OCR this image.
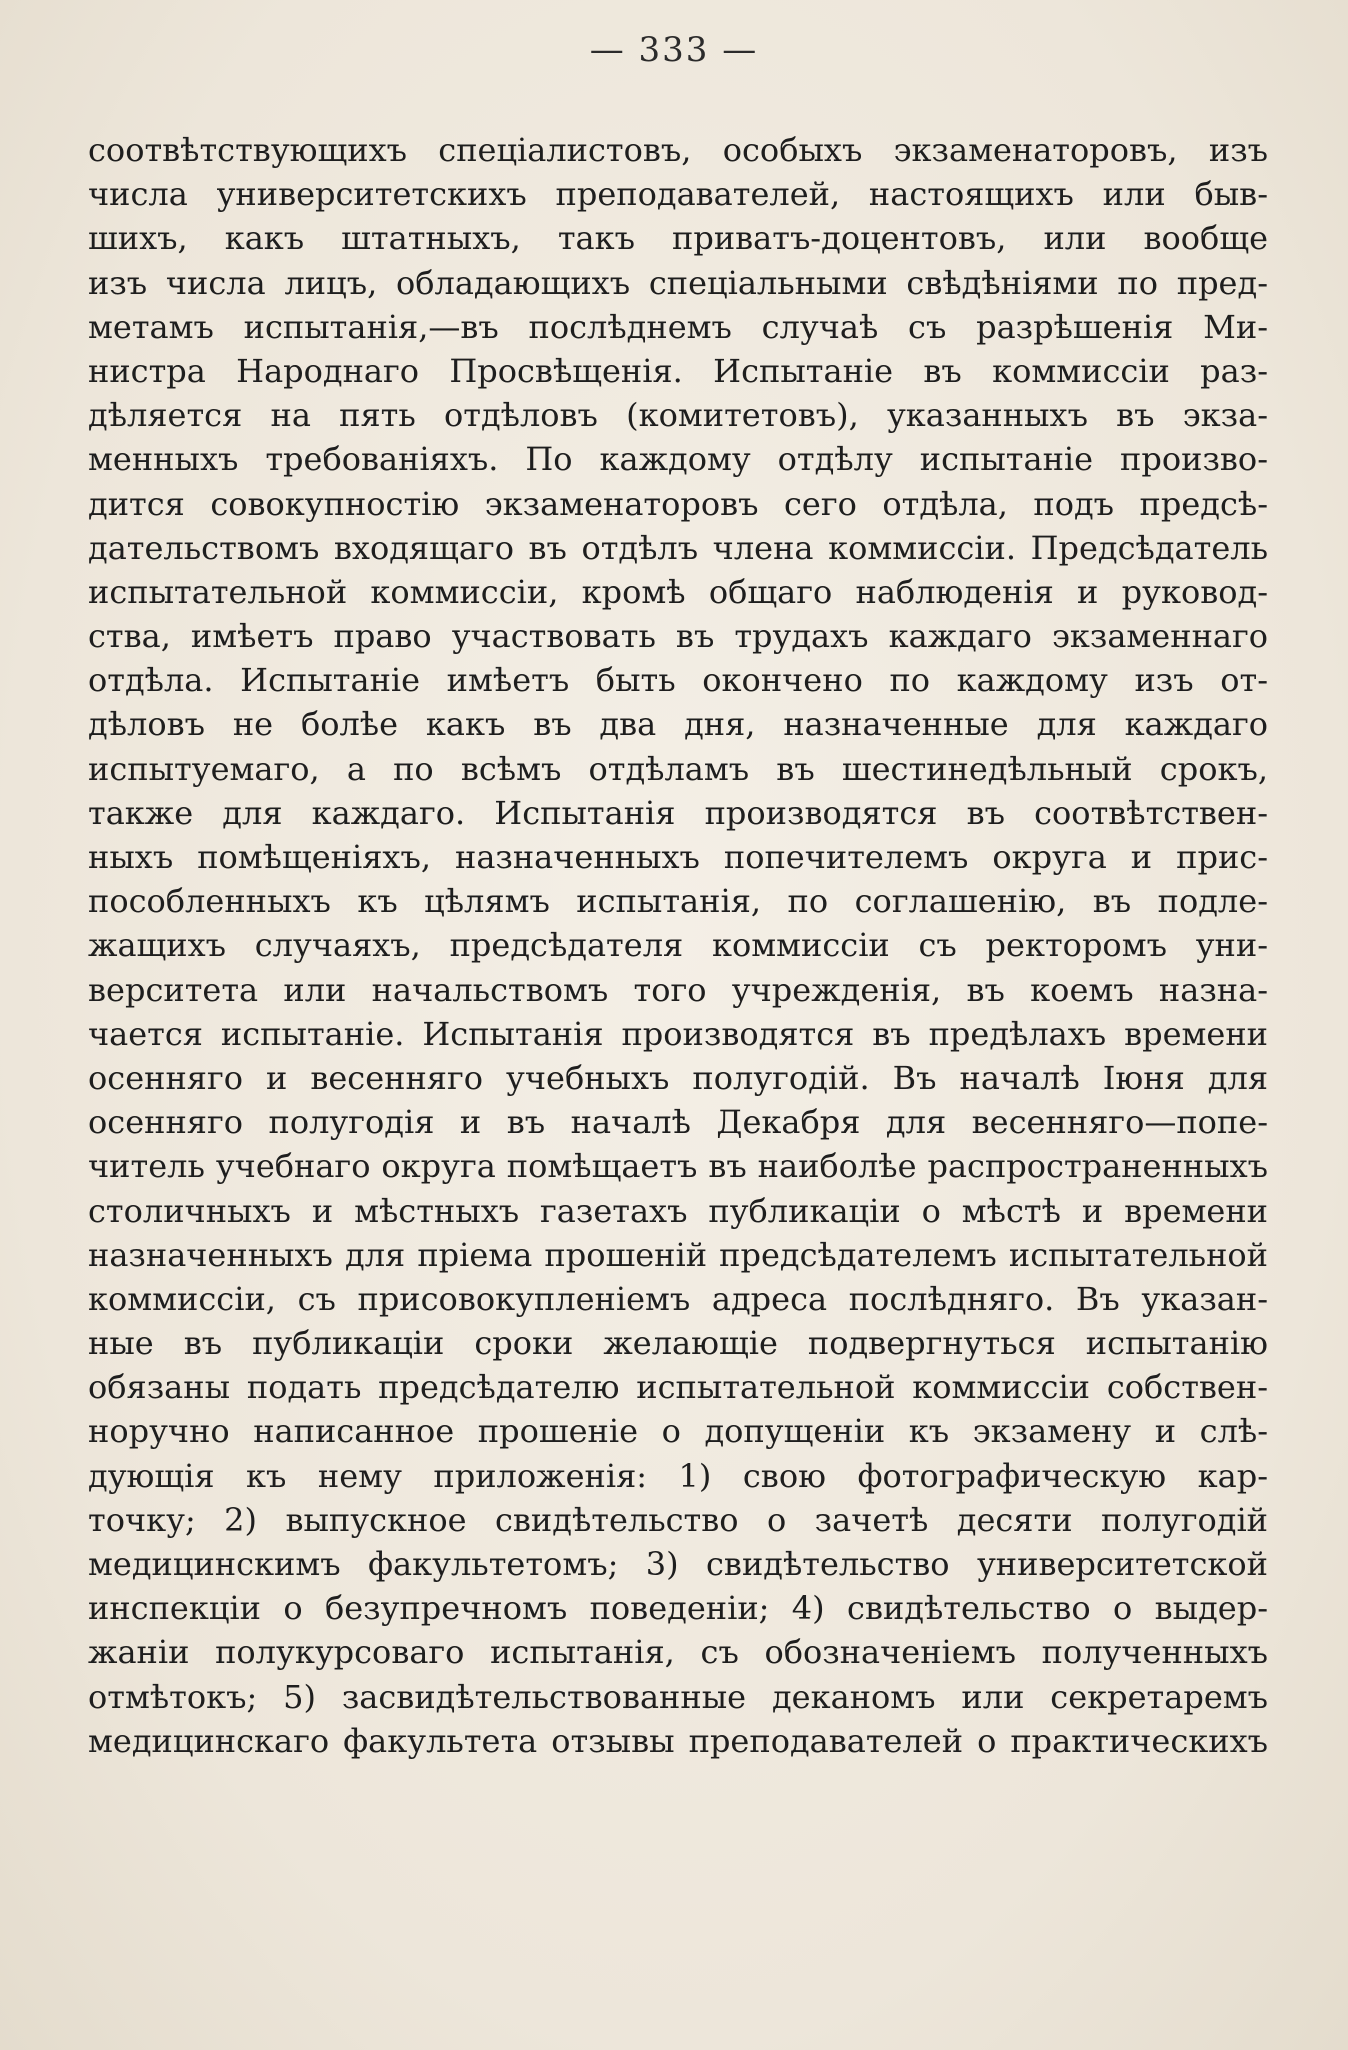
— 333 —
соотвѣтствующихъ спеціалистовъ, особыхъ экзаменаторовъ, изъ
числа университетскихъ преподавателей, настоящихъ или быв-
шихъ, какъ штатныхъ, такъ приватъ-доцентовъ, или вообще
изъ числа лицъ, обладающихъ спеціальными свѣдѣніями по пред-
метамъ испытанія,—въ послѣднемъ случаѣ съ разрѣшенія Ми-
нистра Народнаго Просвѣщенія. Испытаніе въ коммиссіи раз-
дѣляется на пять отдѣловъ (комитетовъ), указанныхъ въ экза-
менныхъ требованіяхъ. По каждому отдѣлу испытаніе произво-
дится совокупностію экзаменаторовъ сего отдѣла, подъ предсѣ-
дательствомъ входящаго въ отдѣлъ члена коммиссіи. Предсѣдатель
испытательной коммиссіи, кромѣ общаго наблюденія и руковод-
ства, имѣетъ право участвовать въ трудахъ каждаго экзаменнаго
отдѣла. Испытаніе имѣетъ быть окончено по каждому изъ от-
дѣловъ не болѣе какъ въ два дня, назначенные для каждаго
испытуемаго, а по всѣмъ отдѣламъ въ шестинедѣльный срокъ,
также для каждаго. Испытанія производятся въ соотвѣтствен-
ныхъ помѣщеніяхъ, назначенныхъ попечителемъ округа и прис-
пособленныхъ къ цѣлямъ испытанія, по соглашенію, въ подле-
жащихъ случаяхъ, предсѣдателя коммиссіи съ ректоромъ уни-
верситета или начальствомъ того учрежденія, въ коемъ назна-
чается испытаніе. Испытанія производятся въ предѣлахъ времени
осенняго и весенняго учебныхъ полугодій. Въ началѣ Іюня для
осенняго полугодія и въ началѣ Декабря для весенняго—попе-
читель учебнаго округа помѣщаетъ въ наиболѣе распространенныхъ
столичныхъ и мѣстныхъ газетахъ публикаціи о мѣстѣ и времени
назначенныхъ для пріема прошеній предсѣдателемъ испытательной
коммиссіи, съ присовокупленіемъ адреса послѣдняго. Въ указан-
ные въ публикаціи сроки желающіе подвергнуться испытанію
обязаны подать предсѣдателю испытательной коммиссіи собствен-
норучно написанное прошеніе о допущеніи къ экзамену и слѣ-
дующія къ нему приложенія: 1) свою фотографическую кар-
точку; 2) выпускное свидѣтельство о зачетѣ десяти полугодій
медицинскимъ факультетомъ; 3) свидѣтельство университетской
инспекціи о безупречномъ поведеніи; 4) свидѣтельство о выдер-
жаніи полукурсоваго испытанія, съ обозначеніемъ полученныхъ
отмѣтокъ; 5) засвидѣтельствованные деканомъ или секретаремъ
медицинскаго факультета отзывы преподавателей о практическихъ
